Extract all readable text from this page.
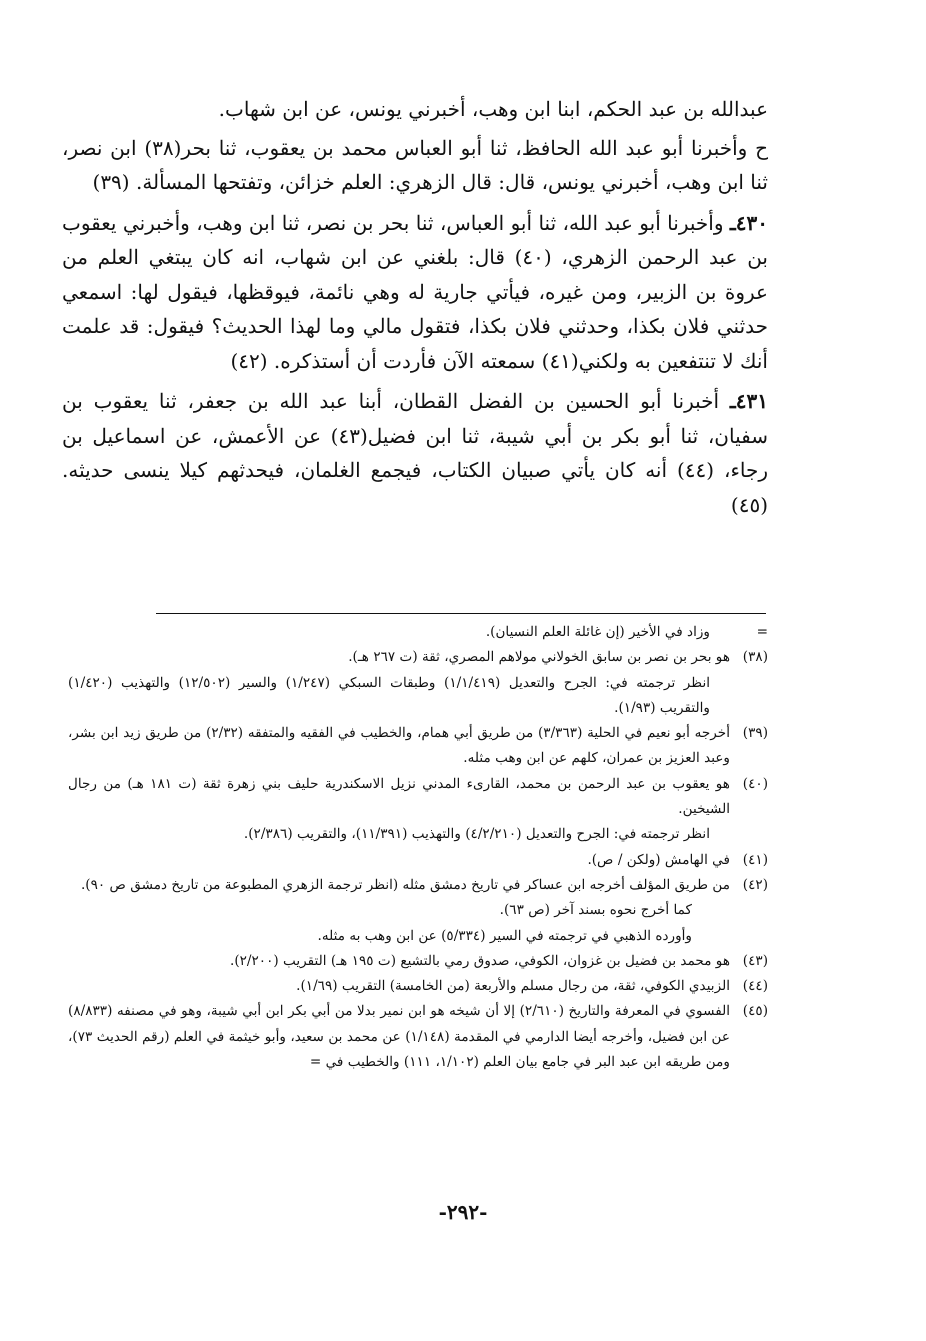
عبدالله بن عبد الحكم، ابنا ابن وهب، أخبرني يونس، عن ابن شهاب.

ح وأخبرنا أبو عبد الله الحافظ، ثنا أبو العباس محمد بن يعقوب، ثنا بحر(٣٨) ابن نصر، ثنا ابن وهب، أخبرني يونس، قال: قال الزهري: العلم خزائن، وتفتحها المسألة. (٣٩)

٤٣٠ـ وأخبرنا أبو عبد الله، ثنا أبو العباس، ثنا بحر بن نصر، ثنا ابن وهب، وأخبرني يعقوب بن عبد الرحمن الزهري، (٤٠) قال: بلغني عن ابن شهاب، انه كان يبتغي العلم من عروة بن الزبير، ومن غيره، فيأتي جارية له وهي نائمة، فيوقظها، فيقول لها: اسمعي حدثني فلان بكذا، وحدثني فلان بكذا، فتقول مالي وما لهذا الحديث؟ فيقول: قد علمت أنك لا تنتفعين به ولكني(٤١) سمعته الآن فأردت أن أستذكره. (٤٢)

٤٣١ـ أخبرنا أبو الحسين بن الفضل القطان، أبنا عبد الله بن جعفر، ثنا يعقوب بن سفيان، ثنا أبو بكر بن أبي شيبة، ثنا ابن فضيل(٤٣) عن الأعمش، عن اسماعيل بن رجاء، (٤٤) أنه كان يأتي صبيان الكتاب، فيجمع الغلمان، فيحدثهم كيلا ينسى حديثه. (٤٥)

=
وزاد في الأخير (إن غائلة العلم النسيان).
(٣٨)
هو بحر بن نصر بن سابق الخولاني مولاهم المصري، ثقة (ت ٢٦٧ هـ).
انظر ترجمته في: الجرح والتعديل (١/١/٤١٩) وطبقات السبكي (١/٢٤٧) والسير (١٢/٥٠٢) والتهذيب (١/٤٢٠) والتقريب (١/٩٣).
(٣٩)
أخرجه أبو نعيم في الحلية (٣/٣٦٣) من طريق أبي همام، والخطيب في الفقيه والمتفقه (٢/٣٢) من طريق زيد ابن بشر، وعبد العزيز بن عمران، كلهم عن ابن وهب مثله.
(٤٠)
هو يعقوب بن عبد الرحمن بن محمد، القارىء المدني نزيل الاسكندرية حليف بني زهرة ثقة (ت ١٨١ هـ) من رجال الشيخين.
انظر ترجمته في: الجرح والتعديل (٤/٢/٢١٠) والتهذيب (١١/٣٩١)، والتقريب (٢/٣٨٦).
(٤١)
في الهامش (ولكن / ص).
(٤٢)
من طريق المؤلف أخرجه ابن عساكر في تاريخ دمشق مثله (انظر ترجمة الزهري المطبوعة من تاريخ دمشق ص ٩٠).
كما أخرج نحوه بسند آخر (ص ٦٣).
وأورده الذهبي في ترجمته في السير (٥/٣٣٤) عن ابن وهب به مثله.
(٤٣)
هو محمد بن فضيل بن غزوان، الكوفي، صدوق رمي بالتشيع (ت ١٩٥ هـ) التقريب (٢/٢٠٠).
(٤٤)
الزبيدي الكوفي، ثقة، من رجال مسلم والأربعة (من الخامسة) التقريب (١/٦٩).
(٤٥)
الفسوي في المعرفة والتاريخ (٢/٦١٠) إلا أن شيخه هو ابن نمير بدلا من أبي بكر ابن أبي شيبة، وهو في مصنفه (٨/٨٣٣) عن ابن فضيل، وأخرجه أيضا الدارمي في المقدمة (١/١٤٨) عن محمد بن سعيد، وأبو خيثمة في العلم (رقم الحديث ٧٣)، ومن طريقه ابن عبد البر في جامع بيان العلم (١/١٠٢، ١١١) والخطيب في =
-٢٩٢-
